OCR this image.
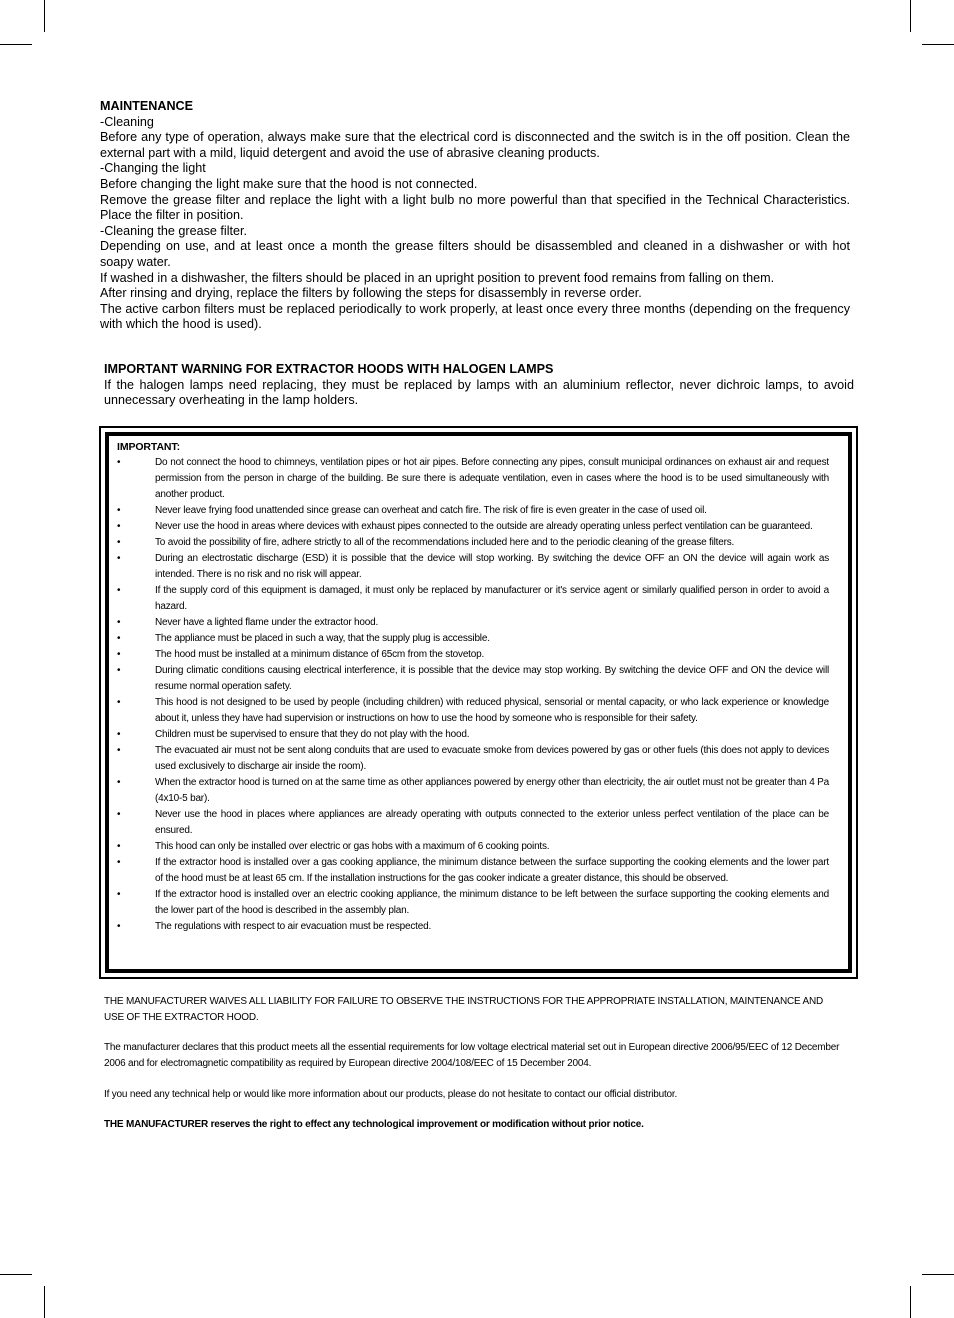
MAINTENANCE

-Cleaning

Before any type of operation, always make sure that the electrical cord is disconnected and the switch is in the off position. Clean the external part with a mild, liquid detergent and avoid the use of abrasive cleaning products.

-Changing the light

Before changing the light make sure that the hood is not connected.

Remove the grease filter and replace the light with a light bulb no more powerful than that specified in the Technical Characteristics. Place the filter in position.

-Cleaning the grease filter.

Depending on use, and at least once a month the grease filters should be disassembled and cleaned in a dishwasher or with hot soapy water.

If washed in a dishwasher, the filters should be placed in an upright position to prevent food remains from falling on them.

After rinsing and drying, replace the filters by following the steps for disassembly in reverse order.

The active carbon filters must be replaced periodically to work properly, at least once every three months (depending on the frequency with which the hood is used).

IMPORTANT WARNING FOR EXTRACTOR HOODS WITH HALOGEN LAMPS

If the halogen lamps need replacing, they must be replaced by lamps with an aluminium reflector, never dichroic lamps, to avoid unnecessary overheating in the lamp holders.

IMPORTANT:

•	Do not connect the hood to chimneys, ventilation pipes or hot air pipes. Before connecting any pipes, consult municipal ordinances on exhaust air and request permission from the person in charge of the building. Be sure there is adequate ventilation, even in cases where the hood is to be used simultaneously with another product.
•	Never leave frying food unattended since grease can overheat and catch fire. The risk of fire is even greater in the case of used oil.
•	Never use the hood in areas where devices with exhaust pipes connected to the outside are already operating unless perfect ventilation can be guaranteed.
•	To avoid the possibility of fire, adhere strictly to all of the recommendations included here and to the periodic cleaning of the grease filters.
•	During an electrostatic discharge (ESD) it is possible that the device will stop working. By switching the device OFF an ON the device will again work as intended. There is no risk and no risk will appear.
•	If the supply cord of this equipment is damaged, it must only be replaced by manufacturer or it's service agent or similarly qualified person in order to avoid a hazard.
•	Never have a lighted flame under the extractor hood.
•	The appliance must be placed in such a way, that the supply plug is accessible.
•	The hood must be installed at a minimum distance of 65cm from the stovetop.
•	During climatic conditions causing electrical interference, it is possible that the device may stop working. By switching the device OFF and ON the device will resume normal operation safety.
•	This hood is not designed to be used by people (including children) with reduced physical, sensorial or mental capacity, or who lack experience or knowledge about it, unless they have had supervision or instructions on how to use the hood by someone who is responsible for their safety.
•	Children must be supervised to ensure that they do not play with the hood.
•	The evacuated air must not be sent along conduits that are used to evacuate smoke from devices powered by gas or other fuels (this does not apply to devices used exclusively to discharge air inside the room).
•	When the extractor hood is turned on at the same time as other appliances powered by energy other than electricity, the air outlet must not be greater than 4 Pa (4x10-5 bar).
•	Never use the hood in places where appliances are already operating with outputs connected to the exterior unless perfect ventilation of the place can be ensured.
•	This hood can only be installed over electric or gas hobs with a maximum of 6 cooking points.
•	If the extractor hood is installed over a gas cooking appliance, the minimum distance between the surface supporting the cooking elements and the lower part of the hood must be at least 65 cm. If the installation instructions for the gas cooker indicate a greater distance, this should be observed.
•	If the extractor hood is installed over an electric cooking appliance, the minimum distance to be left between the surface supporting the cooking elements and the lower part of the hood is described in the assembly plan.
•	The regulations with respect to air evacuation must be respected.

THE MANUFACTURER WAIVES ALL LIABILITY FOR FAILURE TO OBSERVE THE INSTRUCTIONS FOR THE APPROPRIATE INSTALLATION, MAINTENANCE AND USE OF THE EXTRACTOR HOOD.

The manufacturer declares that this product meets all the essential requirements for low voltage electrical material set out in European directive 2006/95/EEC of 12 December 2006 and for electromagnetic compatibility as required by European directive 2004/108/EEC of 15 December 2004.

If you need any technical help or would like more information about our products, please do not hesitate to contact our official distributor.

THE MANUFACTURER reserves the right to effect any technological improvement or modification without prior notice.
